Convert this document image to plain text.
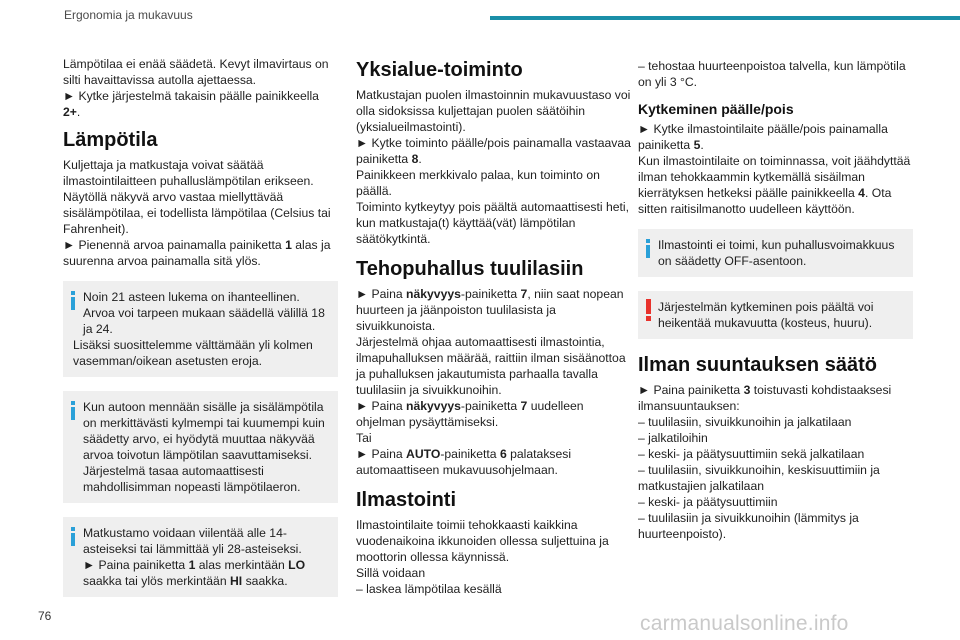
Ergonomia ja mukavuus

Lämpötilaa ei enää säädetä. Kevyt ilmavirtaus on silti havaittavissa autolla ajettaessa.

► Kytke järjestelmä takaisin päälle painikkeella 2+.

Lämpötila

Kuljettaja ja matkustaja voivat säätää ilmastointilaitteen puhalluslämpötilan erikseen.

Näytöllä näkyvä arvo vastaa miellyttävää sisälämpötilaa, ei todellista lämpötilaa (Celsius tai Fahrenheit).

► Pienennä arvoa painamalla painiketta 1 alas ja suurenna arvoa painamalla sitä ylös.

Noin 21 asteen lukema on ihanteellinen. Arvoa voi tarpeen mukaan säädellä välillä 18 ja 24.

Lisäksi suosittelemme välttämään yli kolmen vasemman/oikean asetusten eroja.

Kun autoon mennään sisälle ja sisälämpötila on merkittävästi kylmempi tai kuumempi kuin säädetty arvo, ei hyödytä muuttaa näkyvää arvoa toivotun lämpötilan saavuttamiseksi. Järjestelmä tasaa automaattisesti mahdollisimman nopeasti lämpötilaeron.

Matkustamo voidaan viilentää alle 14-asteiseksi tai lämmittää yli 28-asteiseksi.

► Paina painiketta 1 alas merkintään LO saakka tai ylös merkintään HI saakka.

Yksialue-toiminto

Matkustajan puolen ilmastoinnin mukavuustaso voi olla sidoksissa kuljettajan puolen säätöihin (yksialueilmastointi).

► Kytke toiminto päälle/pois painamalla vastaavaa painiketta 8.

Painikkeen merkkivalo palaa, kun toiminto on päällä.

Toiminto kytkeytyy pois päältä automaattisesti heti, kun matkustaja(t) käyttää(vät) lämpötilan säätökytkintä.

Tehopuhallus tuulilasiin

► Paina näkyvyys-painiketta 7, niin saat nopean huurteen ja jäänpoiston tuulilasista ja sivuikkunoista.

Järjestelmä ohjaa automaattisesti ilmastointia, ilmapuhalluksen määrää, raittiin ilman sisäänottoa ja puhalluksen jakautumista parhaalla tavalla tuulilasiin ja sivuikkunoihin.

► Paina näkyvyys-painiketta 7 uudelleen ohjelman pysäyttämiseksi.

Tai

► Paina AUTO-painiketta 6 palataksesi automaattiseen mukavuusohjelmaan.

Ilmastointi

Ilmastointilaite toimii tehokkaasti kaikkina vuodenaikoina ikkunoiden ollessa suljettuina ja moottorin ollessa käynnissä.

Sillä voidaan

– laskea lämpötilaa kesällä

– tehostaa huurteenpoistoa talvella, kun lämpötila on yli 3 °C.

Kytkeminen päälle/pois

► Kytke ilmastointilaite päälle/pois painamalla painiketta 5.

Kun ilmastointilaite on toiminnassa, voit jäähdyttää ilman tehokkaammin kytkemällä sisäilman kierrätyksen hetkeksi päälle painikkeella 4. Ota sitten raitisilmanotto uudelleen käyttöön.

Ilmastointi ei toimi, kun puhallusvoimakkuus on säädetty OFF-asentoon.

Järjestelmän kytkeminen pois päältä voi heikentää mukavuutta (kosteus, huuru).

Ilman suuntauksen säätö

► Paina painiketta 3 toistuvasti kohdistaaksesi ilmansuuntauksen:

– tuulilasiin, sivuikkunoihin ja jalkatilaan

– jalkatiloihin

– keski- ja päätysuuttimiin sekä jalkatilaan

– tuulilasiin, sivuikkunoihin, keskisuuttimiin ja matkustajien jalkatilaan

– keski- ja päätysuuttimiin

– tuulilasiin ja sivuikkunoihin (lämmitys ja huurteenpoisto).

76	carmanualsonline.info
